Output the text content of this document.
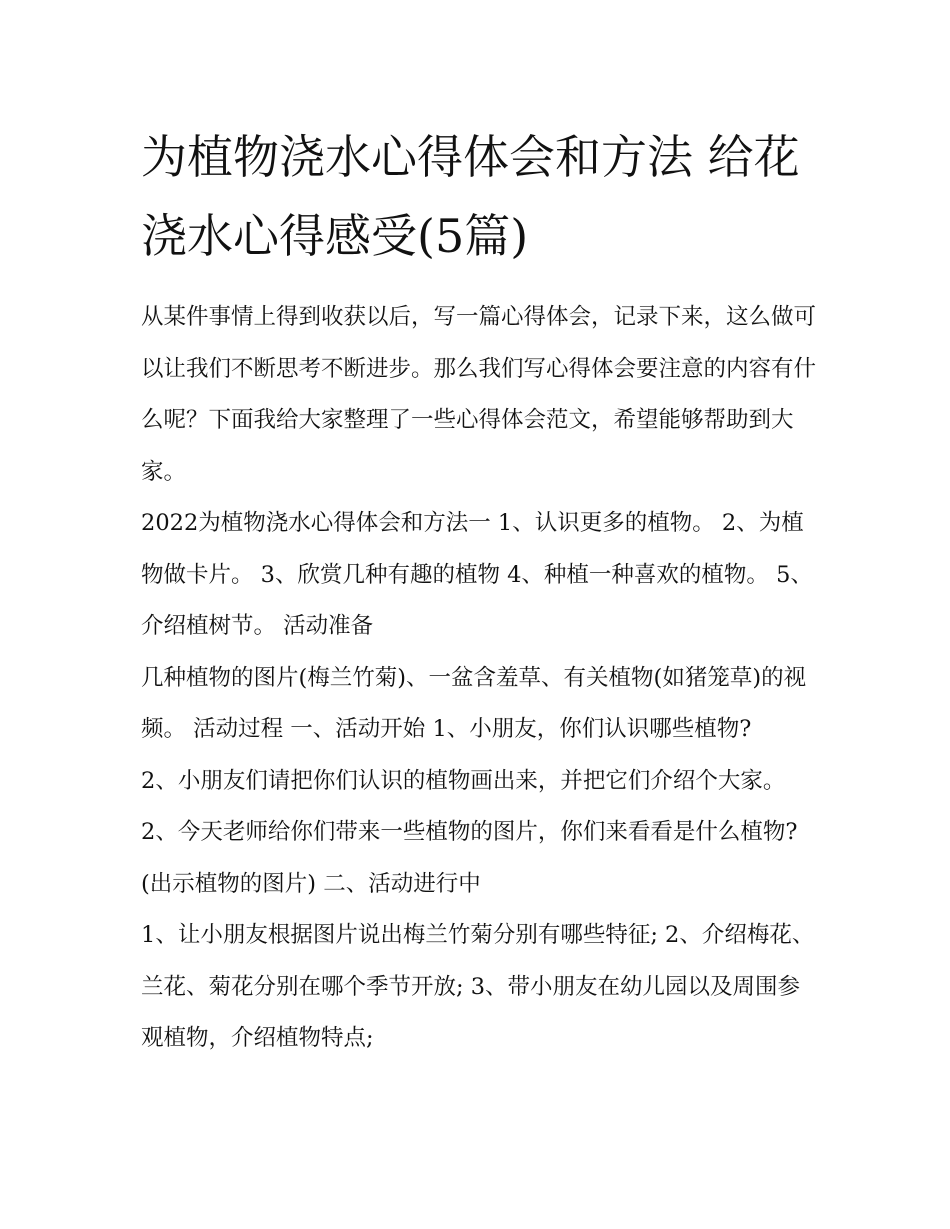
为植物浇水心得体会和方法 给花浇水心得感受(5篇)

从某件事情上得到收获以后，写一篇心得体会，记录下来，这么做可以让我们不断思考不断进步。那么我们写心得体会要注意的内容有什么呢？下面我给大家整理了一些心得体会范文，希望能够帮助到大家。

2022为植物浇水心得体会和方法一 1、认识更多的植物。 2、为植物做卡片。 3、欣赏几种有趣的植物 4、种植一种喜欢的植物。 5、介绍植树节。 活动准备

几种植物的图片(梅兰竹菊)、一盆含羞草、有关植物(如猪笼草)的视频。 活动过程 一、活动开始 1、小朋友，你们认识哪些植物?

2、小朋友们请把你们认识的植物画出来，并把它们介绍个大家。 2、今天老师给你们带来一些植物的图片，你们来看看是什么植物?(出示植物的图片) 二、活动进行中

1、让小朋友根据图片说出梅兰竹菊分别有哪些特征; 2、介绍梅花、兰花、菊花分别在哪个季节开放; 3、带小朋友在幼儿园以及周围参观植物，介绍植物特点;
